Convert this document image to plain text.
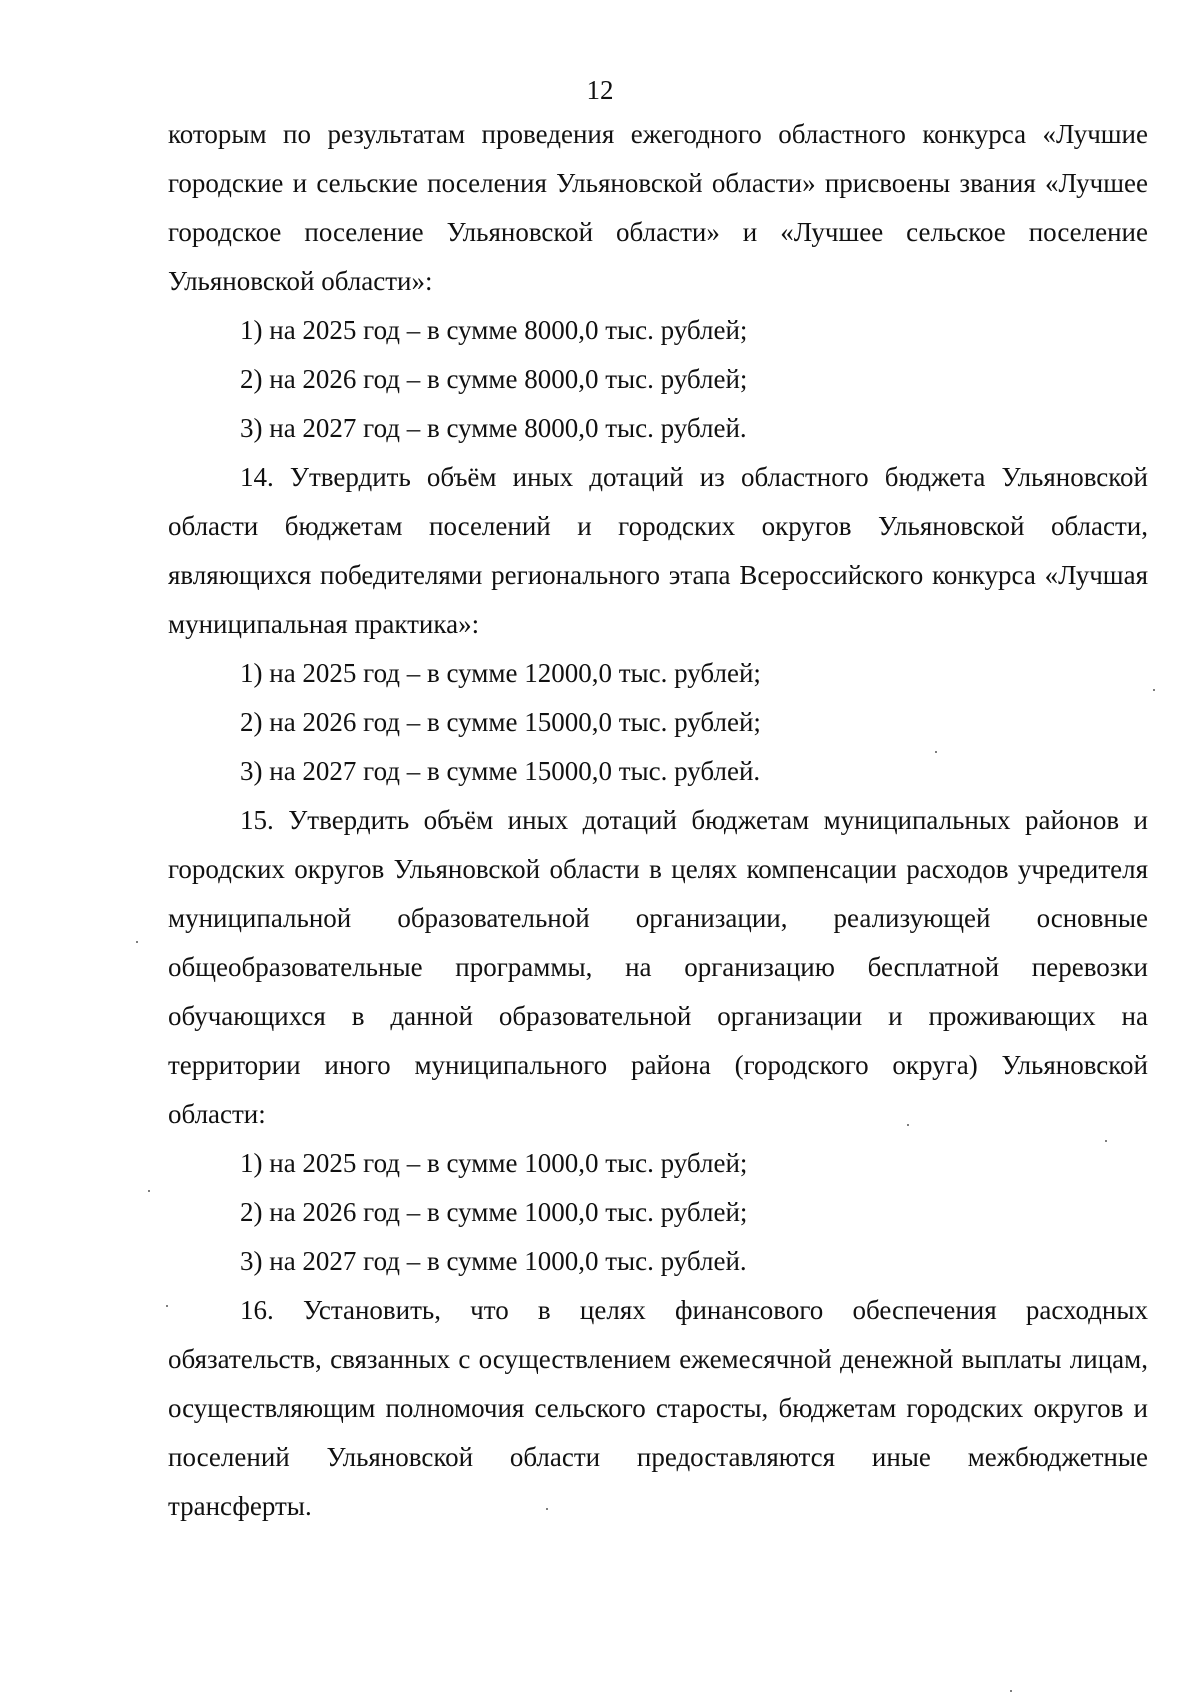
12

которым по результатам проведения ежегодного областного конкурса «Лучшие городские и сельские поселения Ульяновской области» присвоены звания «Лучшее городское поселение Ульяновской области» и «Лучшее сельское поселение Ульяновской области»:

1) на 2025 год – в сумме 8000,0 тыс. рублей;

2) на 2026 год – в сумме 8000,0 тыс. рублей;

3) на 2027 год – в сумме 8000,0 тыс. рублей.

14. Утвердить объём иных дотаций из областного бюджета Ульяновской области бюджетам поселений и городских округов Ульяновской области, являющихся победителями регионального этапа Всероссийского конкурса «Лучшая муниципальная практика»:

1) на 2025 год – в сумме 12000,0 тыс. рублей;

2) на 2026 год – в сумме 15000,0 тыс. рублей;

3) на 2027 год – в сумме 15000,0 тыс. рублей.

15. Утвердить объём иных дотаций бюджетам муниципальных районов и городских округов Ульяновской области в целях компенсации расходов учредителя муниципальной образовательной организации, реализующей основные общеобразовательные программы, на организацию бесплатной перевозки обучающихся в данной образовательной организации и проживающих на территории иного муниципального района (городского округа) Ульяновской области:

1) на 2025 год – в сумме 1000,0 тыс. рублей;

2) на 2026 год – в сумме 1000,0 тыс. рублей;

3) на 2027 год – в сумме 1000,0 тыс. рублей.

16. Установить, что в целях финансового обеспечения расходных обязательств, связанных с осуществлением ежемесячной денежной выплаты лицам, осуществляющим полномочия сельского старосты, бюджетам городских округов и поселений Ульяновской области предоставляются иные межбюджетные трансферты.
